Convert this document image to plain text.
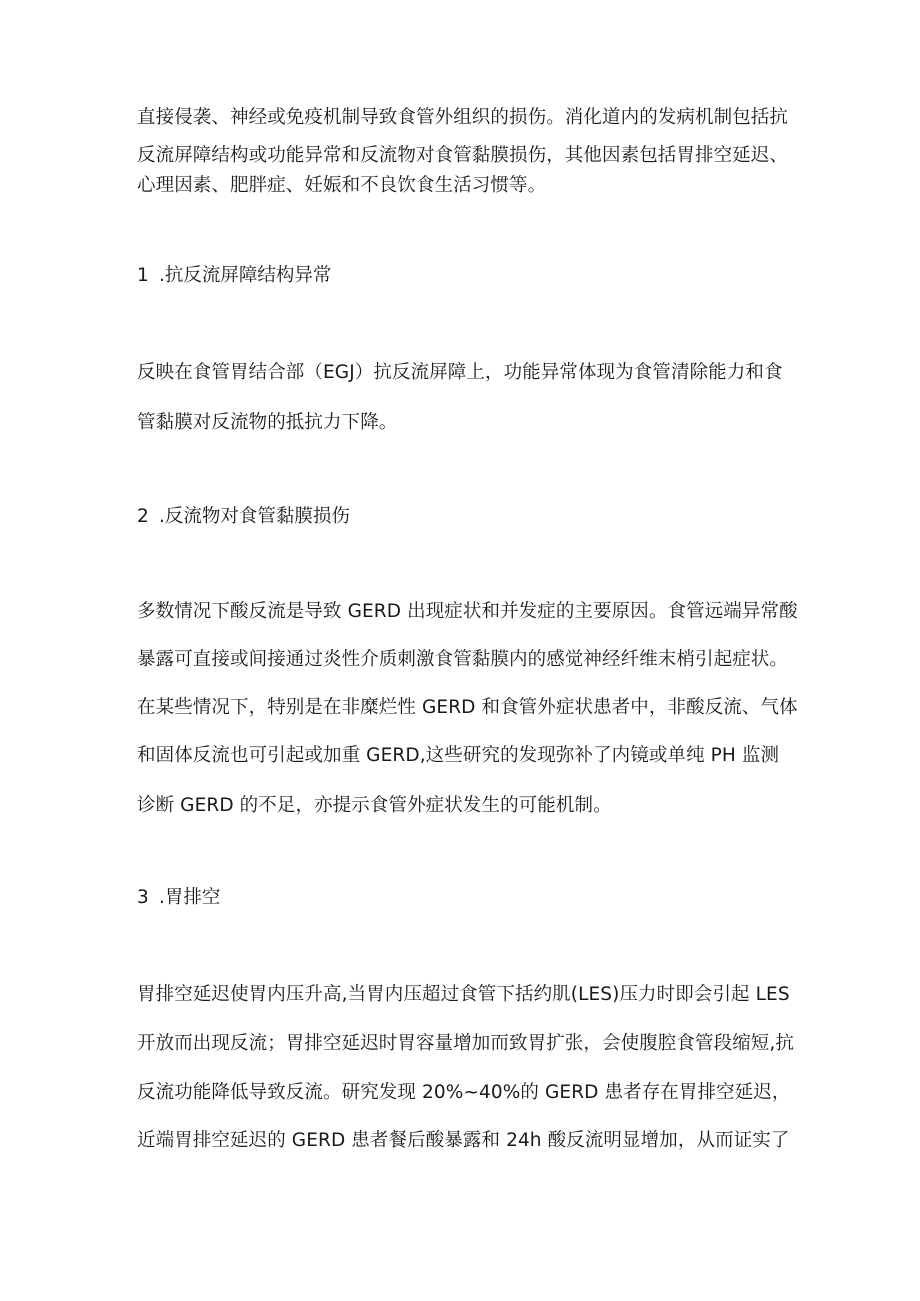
直接侵袭、神经或免疫机制导致食管外组织的损伤。消化道内的发病机制包括抗
反流屏障结构或功能异常和反流物对食管黏膜损伤，其他因素包括胃排空延迟、
心理因素、肥胖症、妊娠和不良饮食生活习惯等。
1 .抗反流屏障结构异常
反映在食管胃结合部（EGJ）抗反流屏障上，功能异常体现为食管清除能力和食
管黏膜对反流物的抵抗力下降。
2 .反流物对食管黏膜损伤
多数情况下酸反流是导致 GERD 出现症状和并发症的主要原因。食管远端异常酸
暴露可直接或间接通过炎性介质刺激食管黏膜内的感觉神经纤维末梢引起症状。
在某些情况下，特别是在非糜烂性 GERD 和食管外症状患者中，非酸反流、气体
和固体反流也可引起或加重 GERD,这些研究的发现弥补了内镜或单纯 PH 监测
诊断 GERD 的不足，亦提示食管外症状发生的可能机制。
3 .胃排空
胃排空延迟使胃内压升高,当胃内压超过食管下括约肌(LES)压力时即会引起 LES
开放而出现反流；胃排空延迟时胃容量增加而致胃扩张，会使腹腔食管段缩短,抗
反流功能降低导致反流。研究发现 20%~40%的 GERD 患者存在胃排空延迟，
近端胃排空延迟的 GERD 患者餐后酸暴露和 24h 酸反流明显增加，从而证实了
